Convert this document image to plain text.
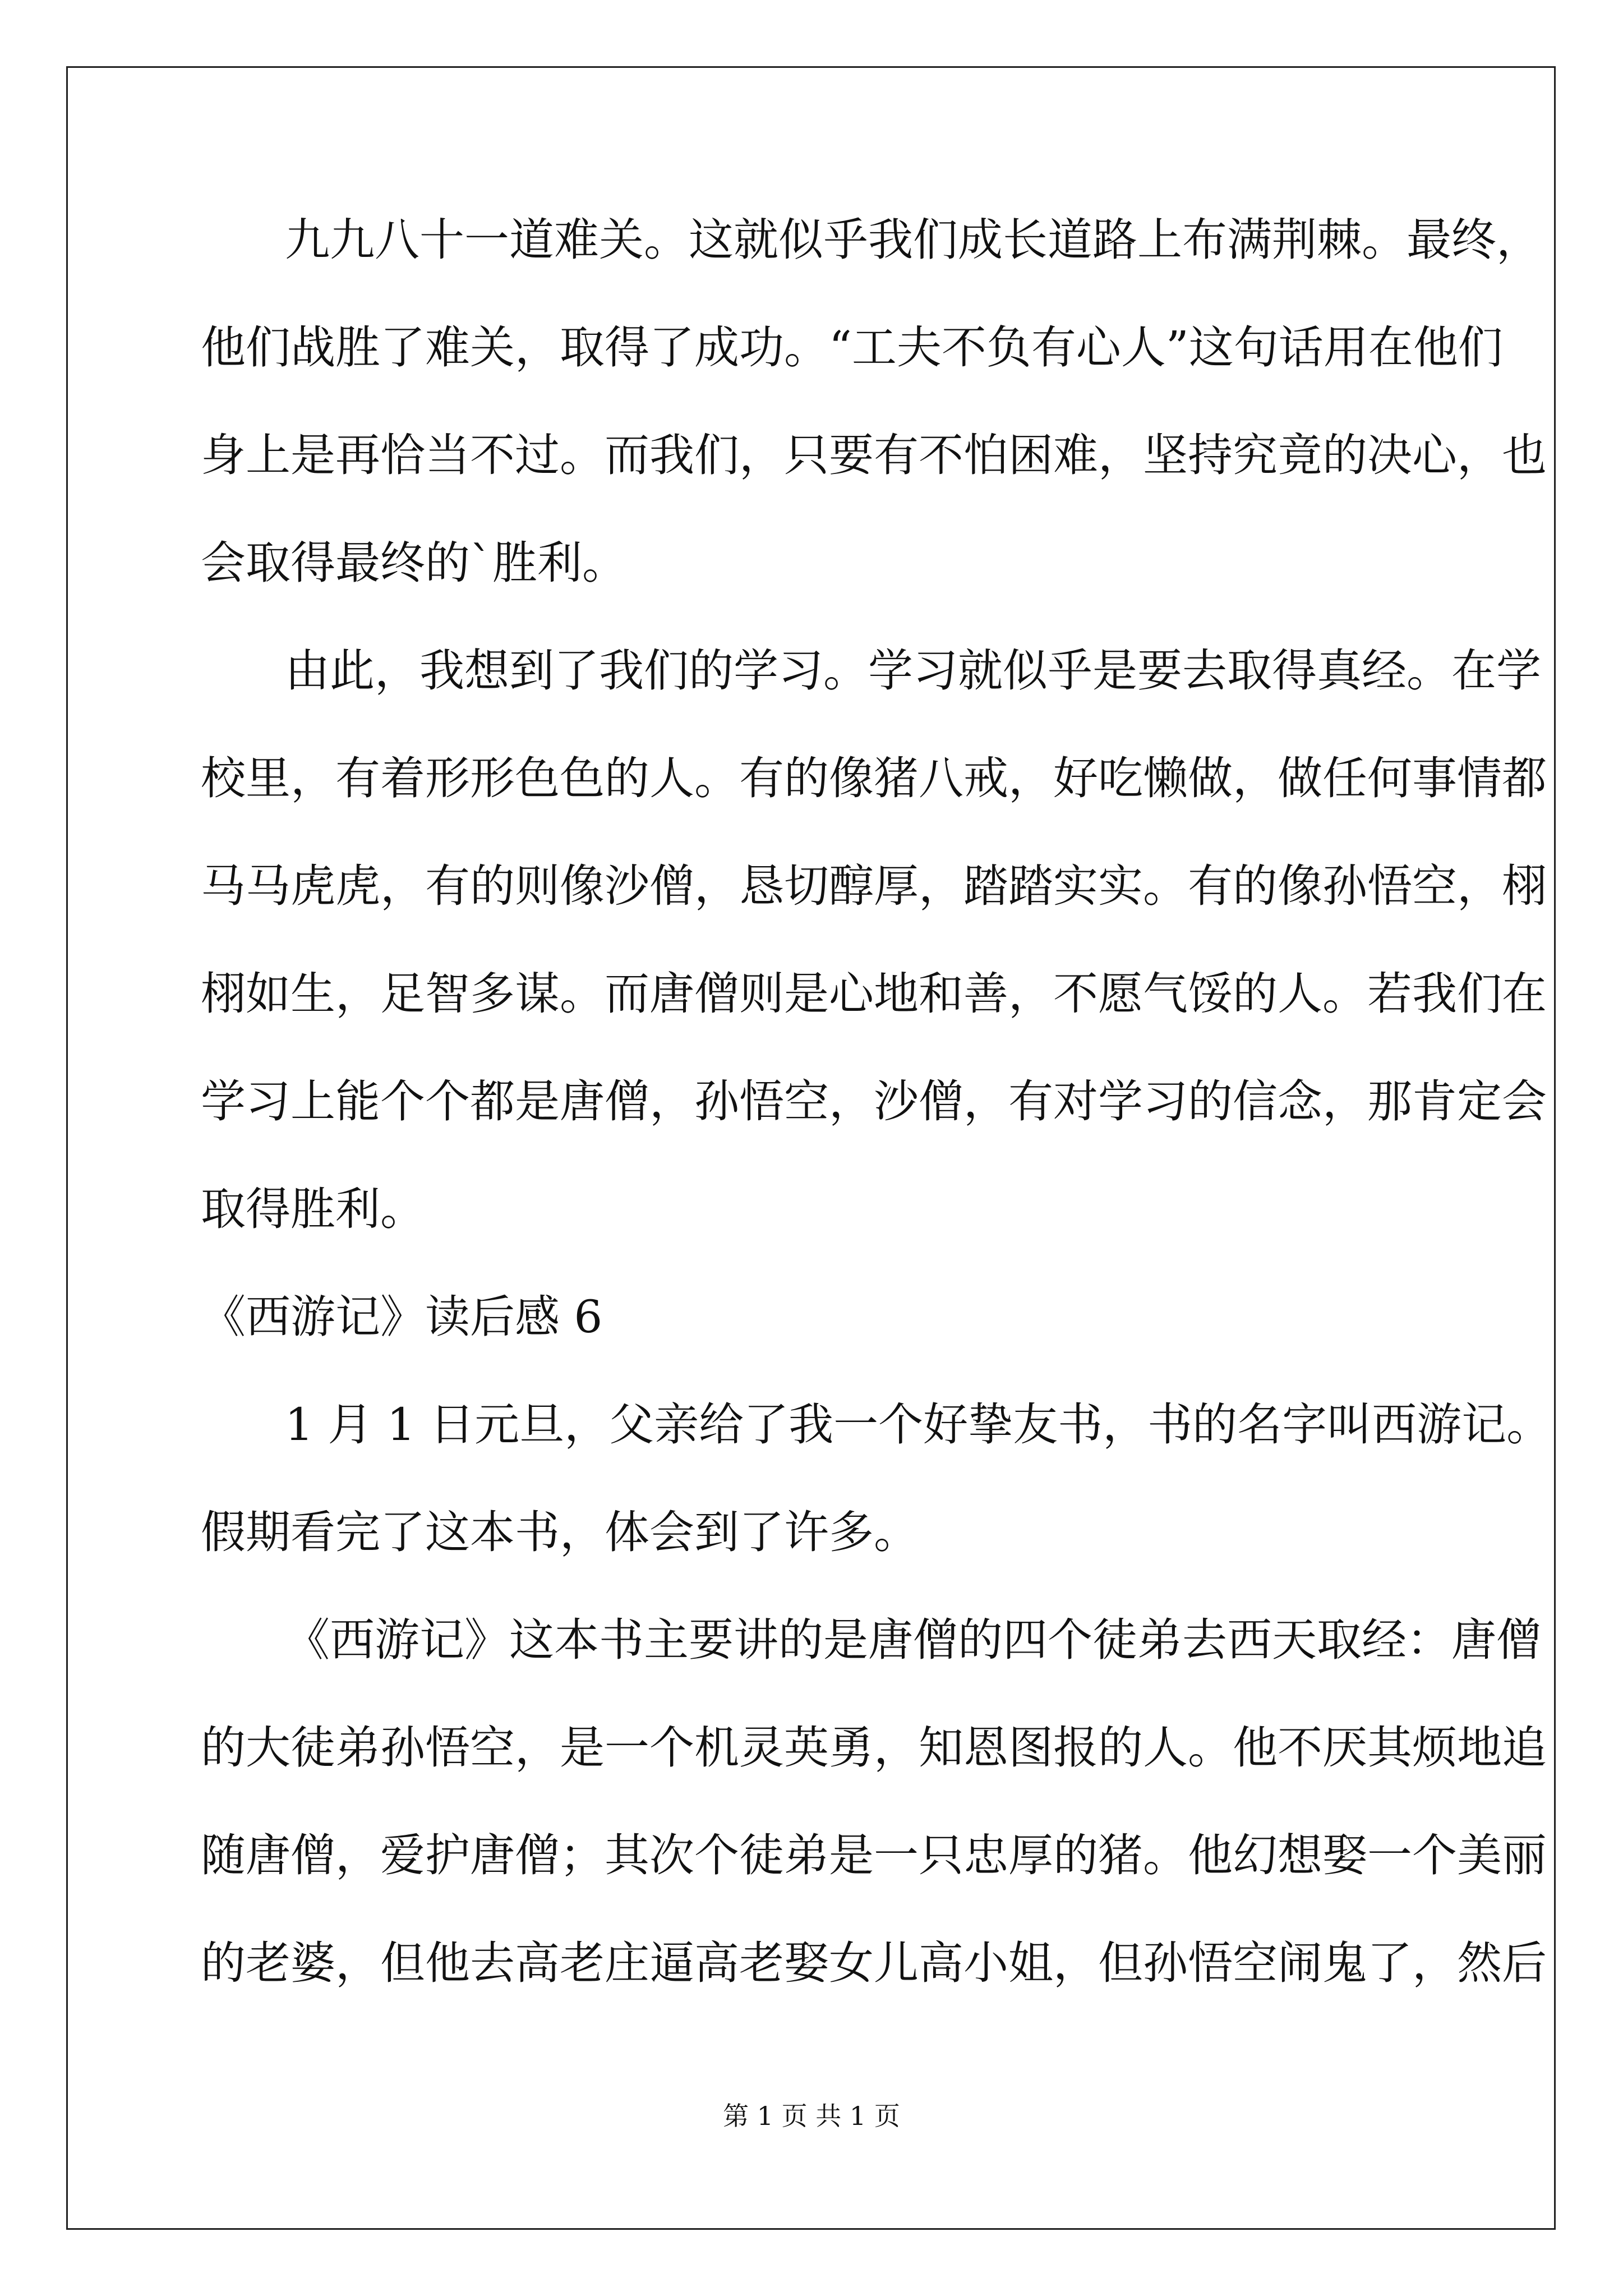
九九八十一道难关。这就似乎我们成长道路上布满荆棘。最终，
他们战胜了难关，取得了成功。“工夫不负有心人”这句话用在他们
身上是再恰当不过。而我们，只要有不怕困难，坚持究竟的决心，也
会取得最终的`胜利。
由此，我想到了我们的学习。学习就似乎是要去取得真经。在学
校里，有着形形色色的人。有的像猪八戒，好吃懒做，做任何事情都
马马虎虎，有的则像沙僧，恳切醇厚，踏踏实实。有的像孙悟空，栩
栩如生，足智多谋。而唐僧则是心地和善，不愿气馁的人。若我们在
学习上能个个都是唐僧，孙悟空，沙僧，有对学习的信念，那肯定会
取得胜利。
《西游记》读后感 6
1 月 1 日元旦，父亲给了我一个好挚友书，书的名字叫西游记。
假期看完了这本书，体会到了许多。
《西游记》这本书主要讲的是唐僧的四个徒弟去西天取经：唐僧
的大徒弟孙悟空，是一个机灵英勇，知恩图报的人。他不厌其烦地追
随唐僧，爱护唐僧；其次个徒弟是一只忠厚的猪。他幻想娶一个美丽
的老婆，但他去高老庄逼高老娶女儿高小姐，但孙悟空闹鬼了，然后
第 1 页 共 1 页
